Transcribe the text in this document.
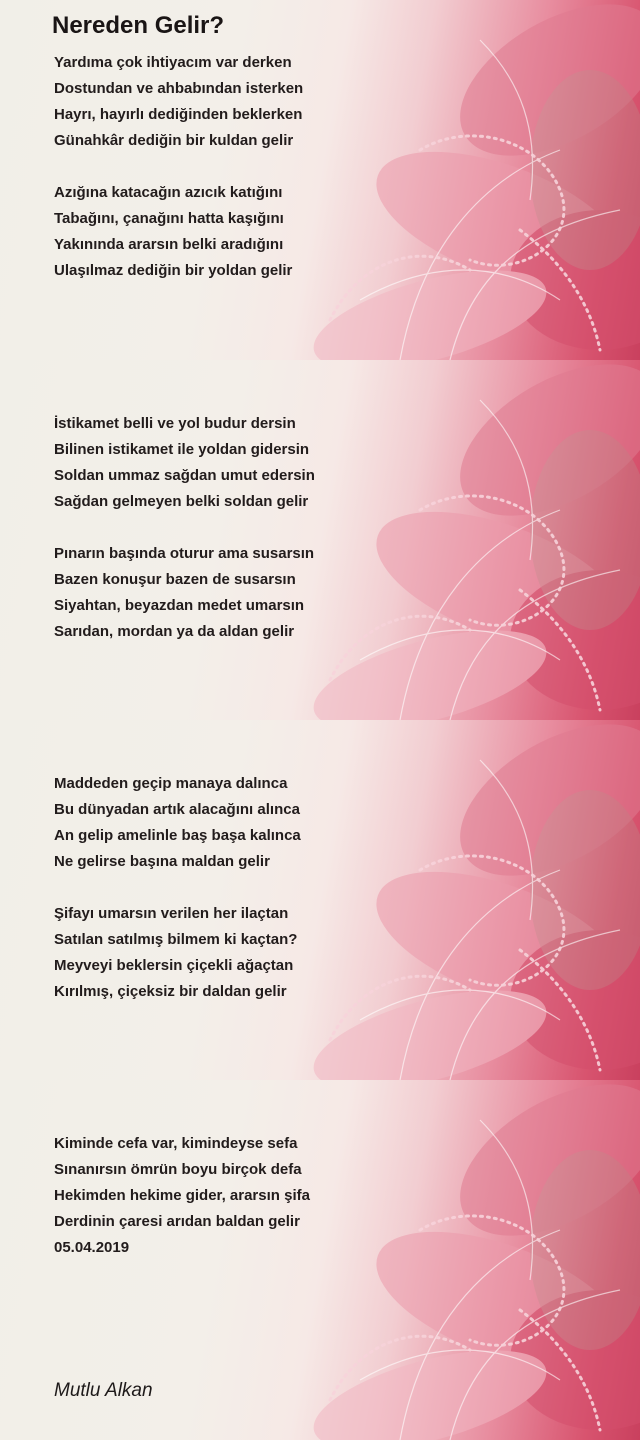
Nereden Gelir?
Yardıma çok ihtiyacım var derken
Dostundan ve ahbabından isterken
Hayrı, hayırlı dediğinden beklerken
Günahkâr dediğin bir kuldan gelir
Azığına katacağın azıcık katığını
Tabağını, çanağını hatta kaşığını
Yakınında ararsın belki aradığını
Ulaşılmaz dediğin bir yoldan gelir
İstikamet belli ve yol budur dersin
Bilinen istikamet ile yoldan gidersin
Soldan ummaz sağdan umut edersin
Sağdan gelmeyen belki soldan gelir
Pınarın başında oturur ama susarsın
Bazen konuşur bazen de susarsın
Siyahtan, beyazdan medet umarsın
Sarıdan, mordan ya da aldan gelir
Maddeden geçip manaya dalınca
Bu dünyadan artık alacağını alınca
An gelip amelinle baş başa kalınca
Ne gelirse başına maldan gelir
Şifayı umarsın verilen her ilaçtan
Satılan satılmış bilmem ki kaçtan?
Meyveyi beklersin çiçekli ağaçtan
Kırılmış, çiçeksiz bir daldan gelir
Kiminde cefa var, kimindeyse sefa
Sınanırsın ömrün boyu birçok defa
Hekimden hekime gider, ararsın şifa
Derdinin çaresi arıdan baldan gelir
05.04.2019
Mutlu Alkan
